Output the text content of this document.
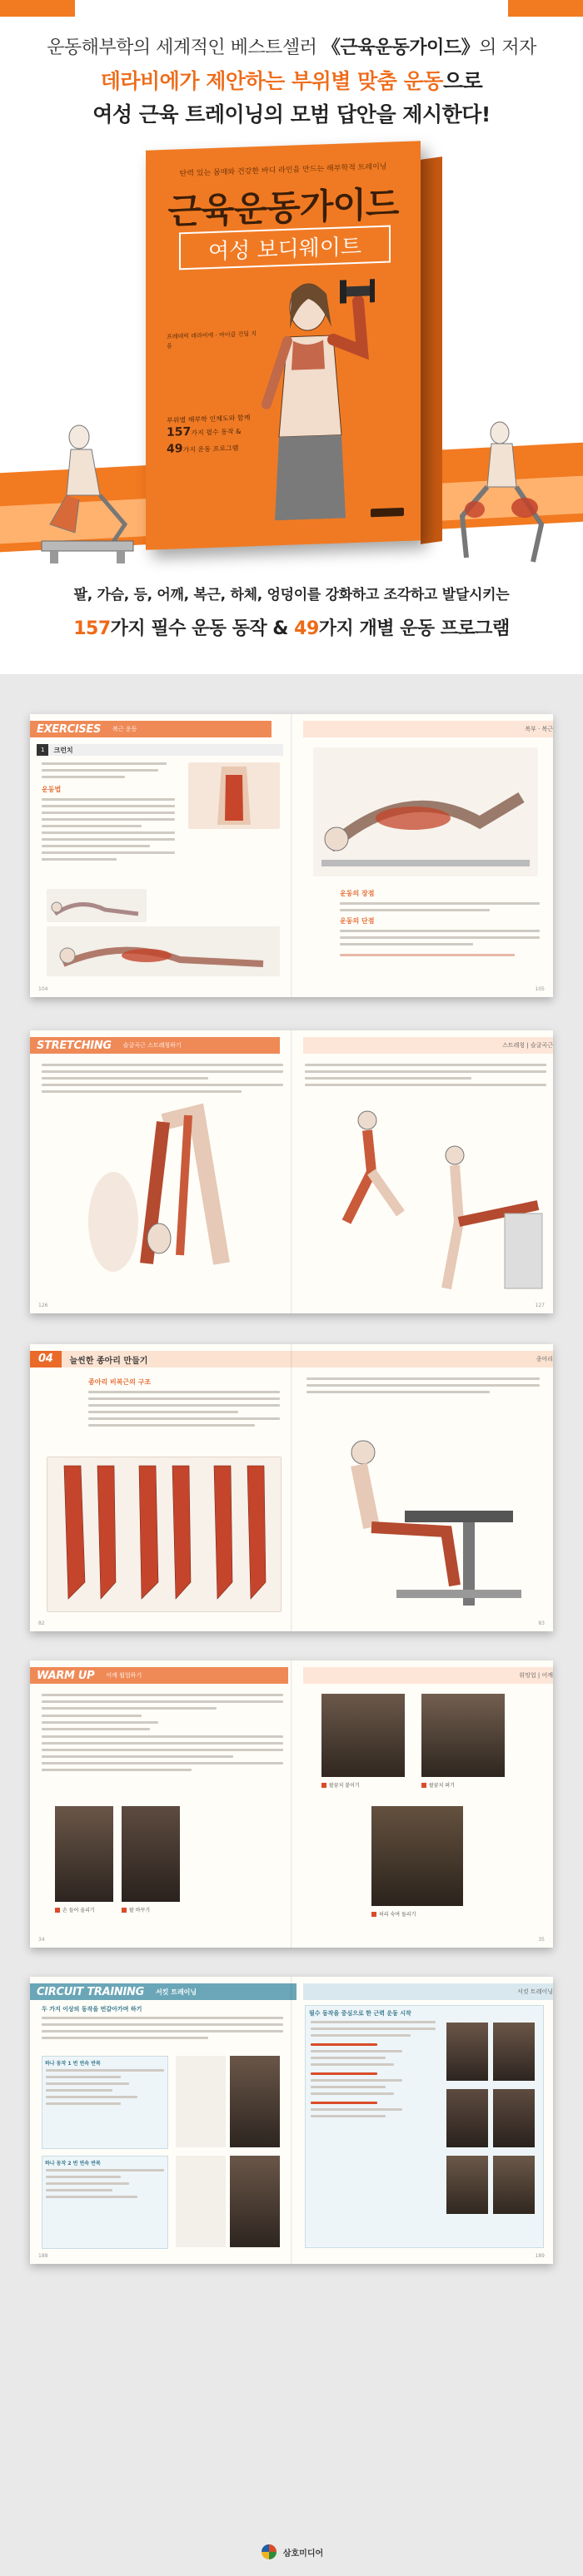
운동해부학의 세계적인 베스트셀러 《근육운동가이드》의 저자
데라비에가 제안하는 부위별 맞춤 운동으로
여성 근육 트레이닝의 모범 답안을 제시한다!
탄력 있는 몸매와 건강한 바디 라인을 만드는 해부학적 트레이닝
근육운동가이드
여성 보디웨이트
프레데릭 데라비에 · 마이클 건딜 지음
부위별 해부학 인체도와 함께
157가지 필수 동작 &
49가지 운동 프로그램
팔, 가슴, 등, 어깨, 복근, 하체, 엉덩이를 강화하고 조각하고 발달시키는
157가지 필수 운동 동작 & 49가지 개별 운동 프로그램
EXERCISES	복근 운동	복부 · 복근
1	크런치
운동법
운동의 장점
운동의 단점
104	105
STRETCHING	슬굴곡근 스트레칭하기	스트레칭 | 슬굴곡근
126	127
04	늘씬한 종아리 만들기	종아리
종아리 비복근의 구조
82	83
WARM UP	어깨 웜업하기	워밍업 | 어깨
손 들어 올리기	팔 바꾸기
팔꿈치 붙이기	팔꿈치 펴기
허리 숙여 돌리기
34	35
CIRCUIT TRAINING	서킷 트레이닝	서킷 트레이닝
두 가지 이상의 동작을 번갈아가며 하기
하나 동작 1 번 연속 반복
하나 동작 2 번 연속 반복
필수 동작을 중심으로 한 근력 운동 시작
188	189
삼호미디어
